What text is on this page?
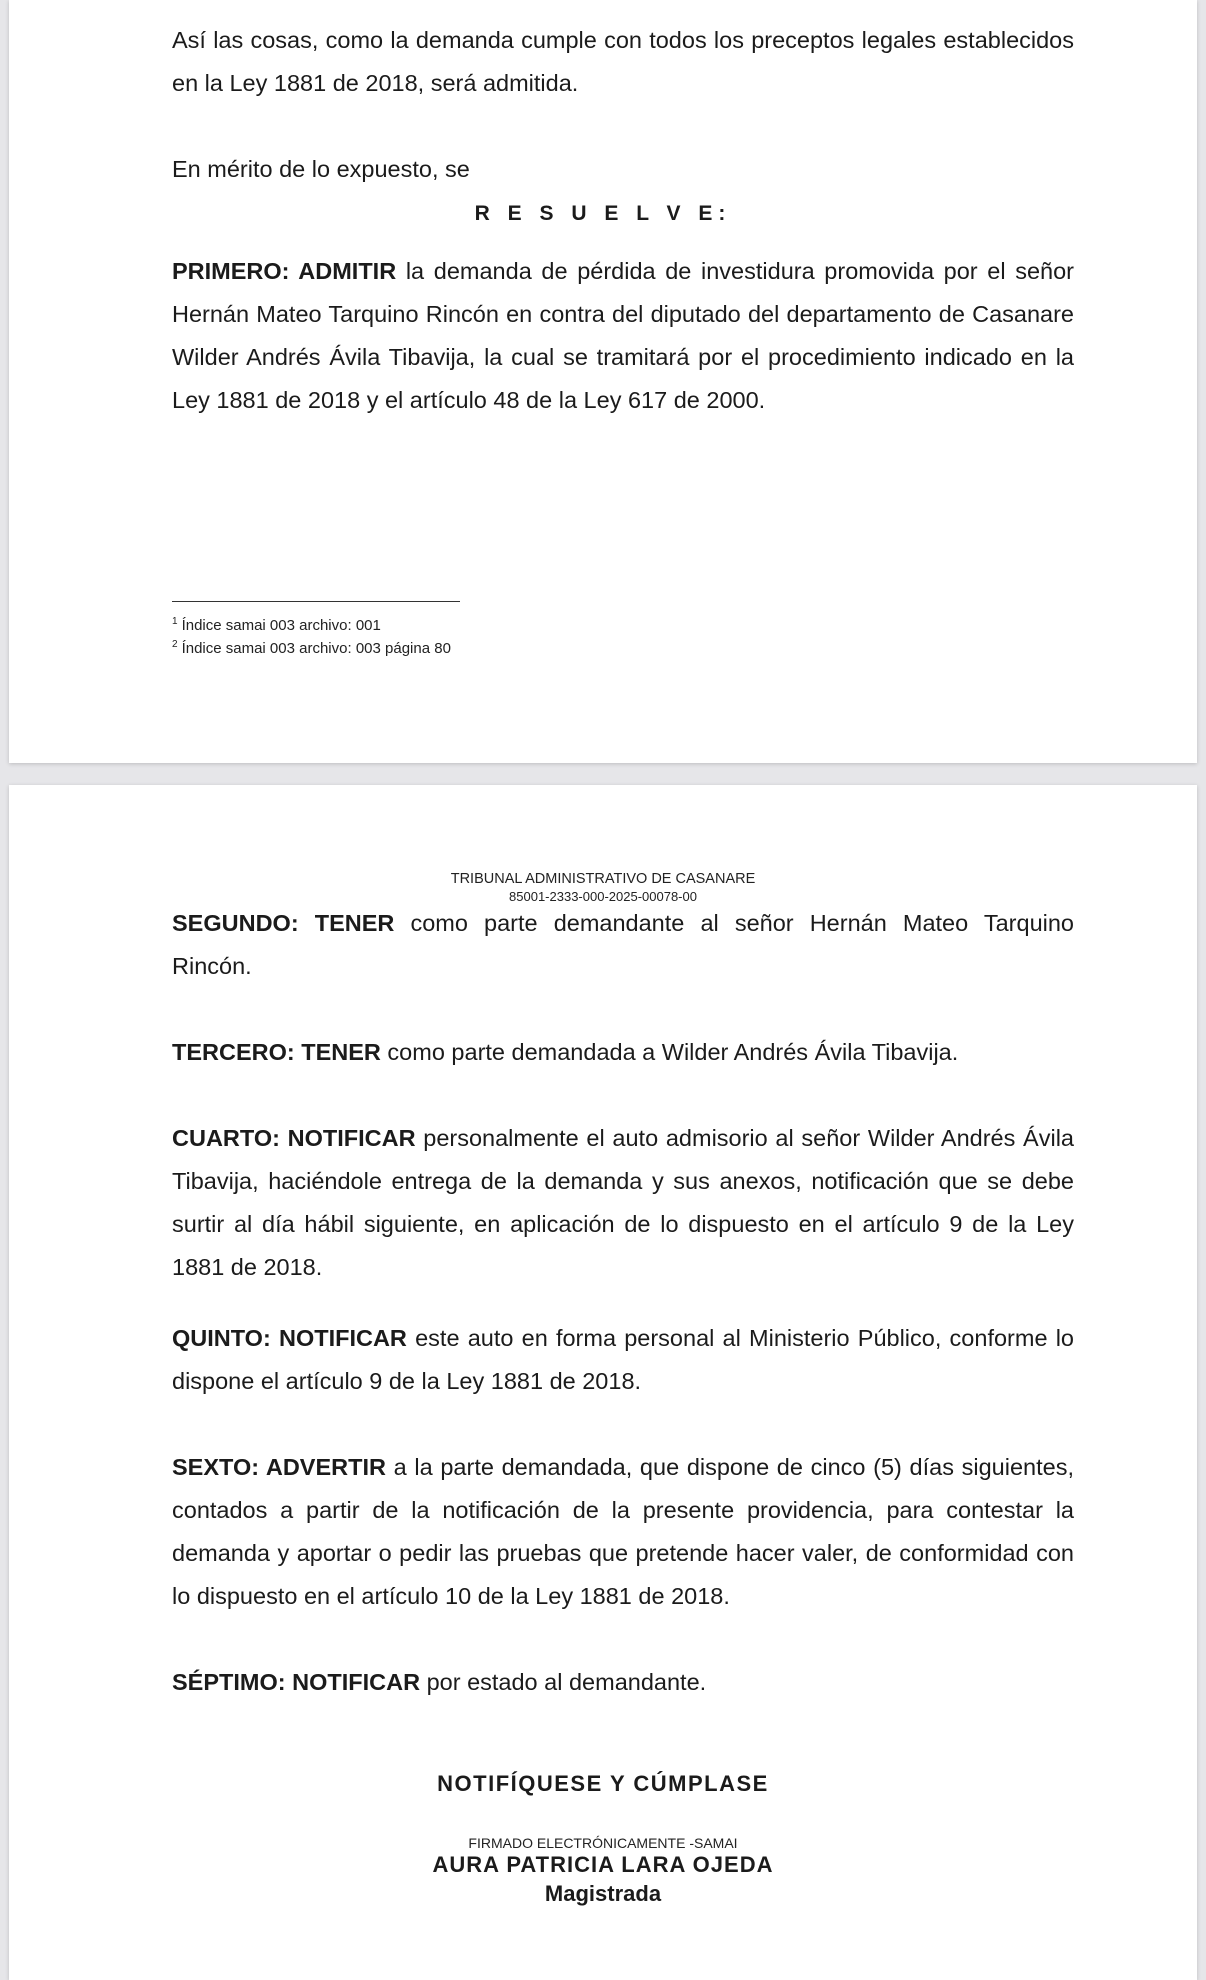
Así las cosas, como la demanda cumple con todos los preceptos legales establecidos en la Ley 1881 de 2018, será admitida.

En mérito de lo expuesto, se

R E S U E L V E:

PRIMERO: ADMITIR la demanda de pérdida de investidura promovida por el señor Hernán Mateo Tarquino Rincón en contra del diputado del departamento de Casanare Wilder Andrés Ávila Tibavija, la cual se tramitará por el procedimiento indicado en la Ley 1881 de 2018 y el artículo 48 de la Ley 617 de 2000.

$^1$ Índice samai 003 archivo: 001

$^2$ Índice samai 003 archivo: 003 página 80

TRIBUNAL ADMINISTRATIVO DE CASANARE

85001-2333-000-2025-00078-00

SEGUNDO: TENER como parte demandante al señor Hernán Mateo Tarquino Rincón.

TERCERO: TENER como parte demandada a Wilder Andrés Ávila Tibavija.

CUARTO: NOTIFICAR personalmente el auto admisorio al señor Wilder Andrés Ávila Tibavija, haciéndole entrega de la demanda y sus anexos, notificación que se debe surtir al día hábil siguiente, en aplicación de lo dispuesto en el artículo 9 de la Ley 1881 de 2018.

QUINTO: NOTIFICAR este auto en forma personal al Ministerio Público, conforme lo dispone el artículo 9 de la Ley 1881 de 2018.

SEXTO: ADVERTIR a la parte demandada, que dispone de cinco (5) días siguientes, contados a partir de la notificación de la presente providencia, para contestar la demanda y aportar o pedir las pruebas que pretende hacer valer, de conformidad con lo dispuesto en el artículo 10 de la Ley 1881 de 2018.

SÉPTIMO: NOTIFICAR por estado al demandante.

NOTIFÍQUESE Y CÚMPLASE

FIRMADO ELECTRÓNICAMENTE -SAMAI

AURA PATRICIA LARA OJEDA

Magistrada
